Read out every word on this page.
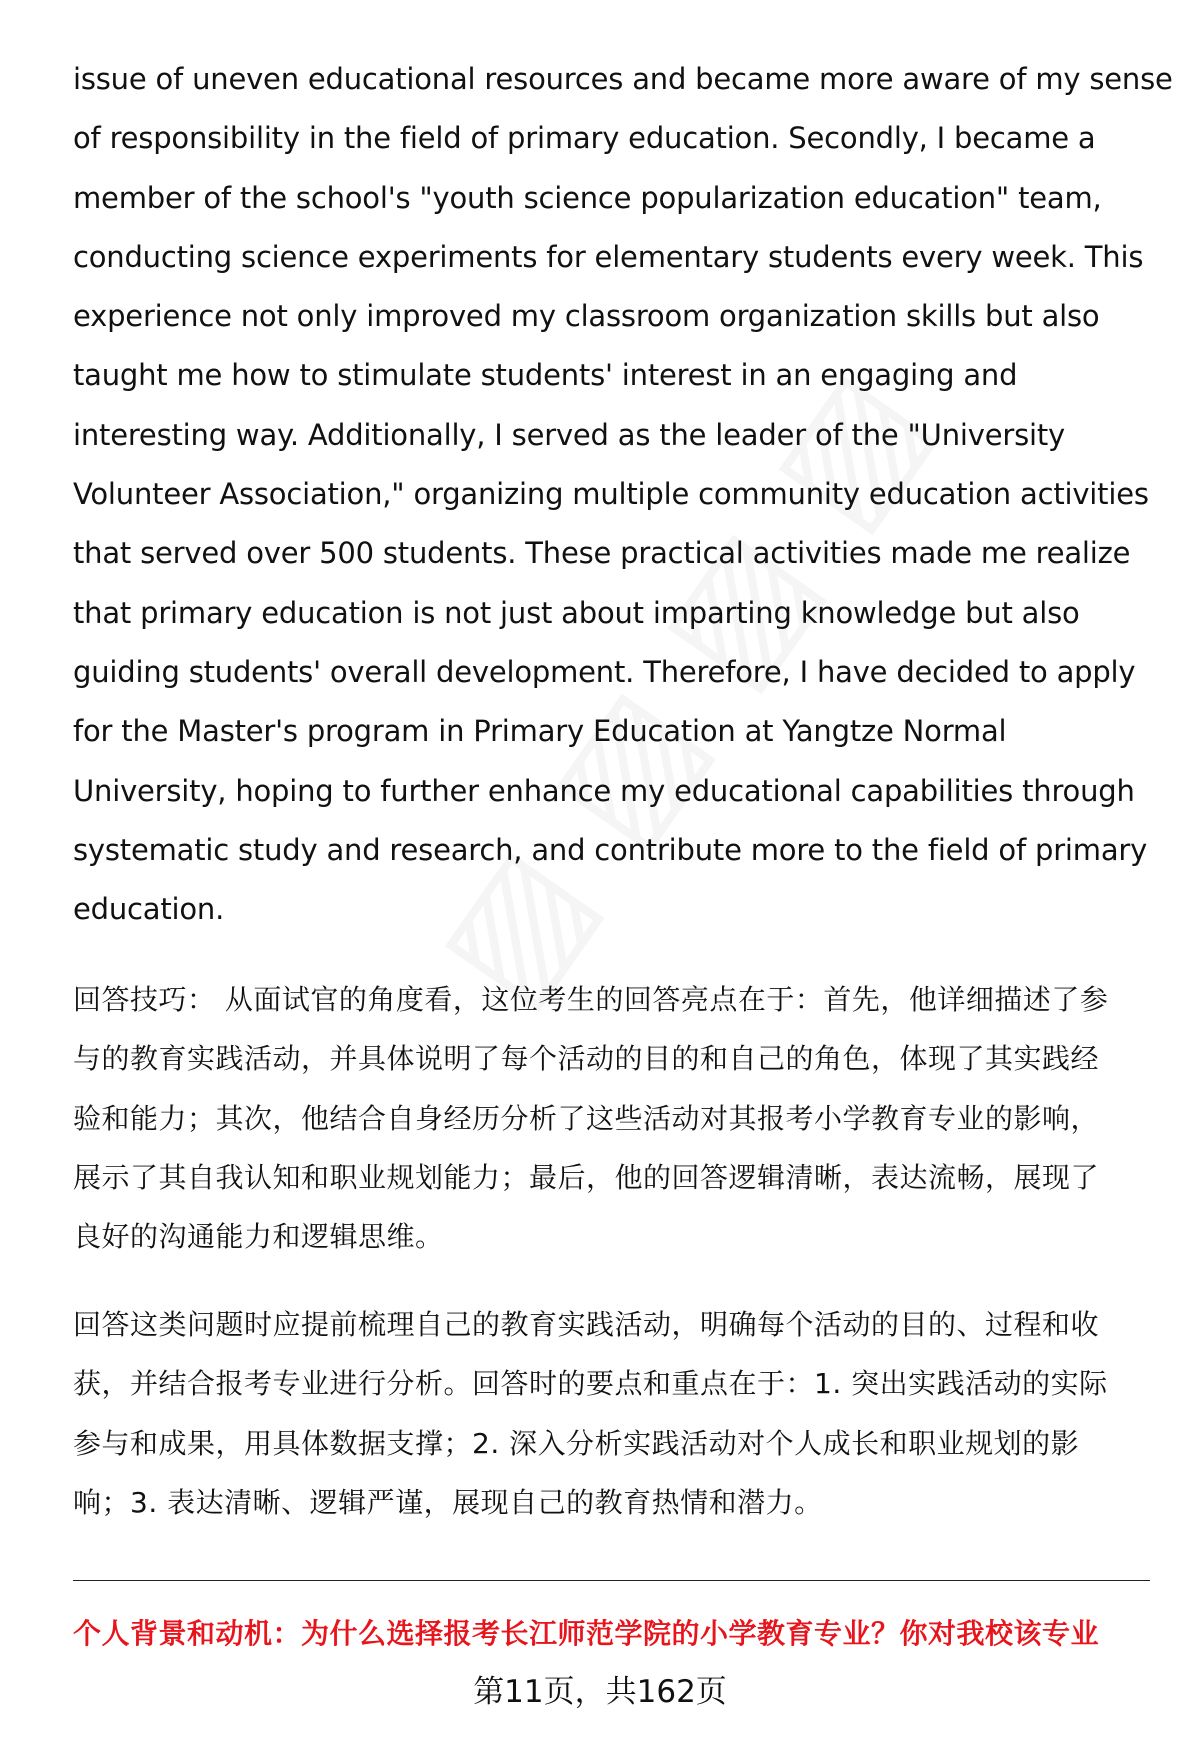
issue of uneven educational resources and became more aware of my sense
of responsibility in the field of primary education. Secondly, I became a
member of the school's "youth science popularization education" team,
conducting science experiments for elementary students every week. This
experience not only improved my classroom organization skills but also
taught me how to stimulate students' interest in an engaging and
interesting way. Additionally, I served as the leader of the "University
Volunteer Association," organizing multiple community education activities
that served over 500 students. These practical activities made me realize
that primary education is not just about imparting knowledge but also
guiding students' overall development. Therefore, I have decided to apply
for the Master's program in Primary Education at Yangtze Normal
University, hoping to further enhance my educational capabilities through
systematic study and research, and contribute more to the field of primary
education.
回答技巧： 从面试官的角度看，这位考生的回答亮点在于：首先，他详细描述了参
与的教育实践活动，并具体说明了每个活动的目的和自己的角色，体现了其实践经
验和能力；其次，他结合自身经历分析了这些活动对其报考小学教育专业的影响，
展示了其自我认知和职业规划能力；最后，他的回答逻辑清晰，表达流畅，展现了
良好的沟通能力和逻辑思维。
回答这类问题时应提前梳理自己的教育实践活动，明确每个活动的目的、过程和收
获，并结合报考专业进行分析。回答时的要点和重点在于：1. 突出实践活动的实际
参与和成果，用具体数据支撑；2. 深入分析实践活动对个人成长和职业规划的影
响；3. 表达清晰、逻辑严谨，展现自己的教育热情和潜力。
个人背景和动机：为什么选择报考长江师范学院的小学教育专业？你对我校该专业
第11页，共162页
